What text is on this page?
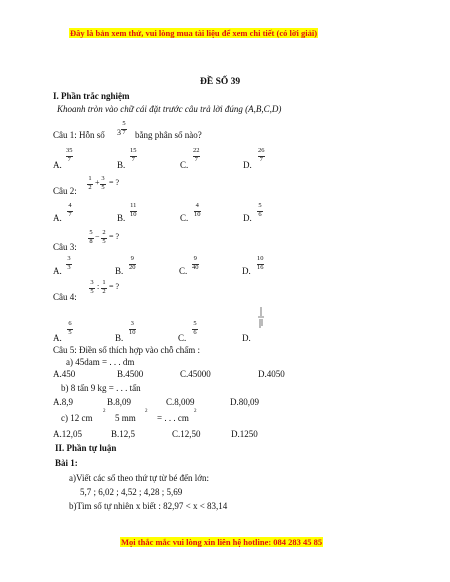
Đây là bản xem thử, vui lòng mua tài liệu để xem chi tiết (có lời giải)
ĐỀ SỐ 39
I. Phần trắc nghiệm
Khoanh tròn vào chữ cái đặt trước câu trả lời đúng (A,B,C,D)
Câu 1: Hỗn số 3
5
7 bằng phân số nào?
A.
35
7
B.
15
7
C.
22
7
D.
26
7
Câu 2:
1
2
+ 3
5
= ?
A.
4
7	B.
11
10	C.
4
10	D.
5
6
Câu 3:
5
8
− 2
5
= ?
A.
3
3	B.
9
20	C.
9
40	D.
10
16
Câu 4:
3
5
: 1
2
= ?
A.
6
5
B.
3
10
C.
5
6
D.
Câu 5: Điền số thích hợp vào chỗ chấm :
a) 45dam = . . . dm
A.450	B.4500	C.45000	D.4050
b) 8 tấn 9 kg = . . . tấn
A.8,9	B.8,09	C.8,009	D.80,09
c) 12 cm
2
5 mm
2
= . . . cm
2
A.12,05	B.12,5	C.12,50	D.1250
II. Phần tự luận
Bài 1:
a)Viết các số theo thứ tự từ bé đến lớn:
5,7 ; 6,02 ; 4,52 ; 4,28 ; 5,69
b)Tìm số tự nhiên x biết : 82,97 < x < 83,14
Mọi thắc mắc vui lòng xin liên hệ hotline: 084 283 45 85
